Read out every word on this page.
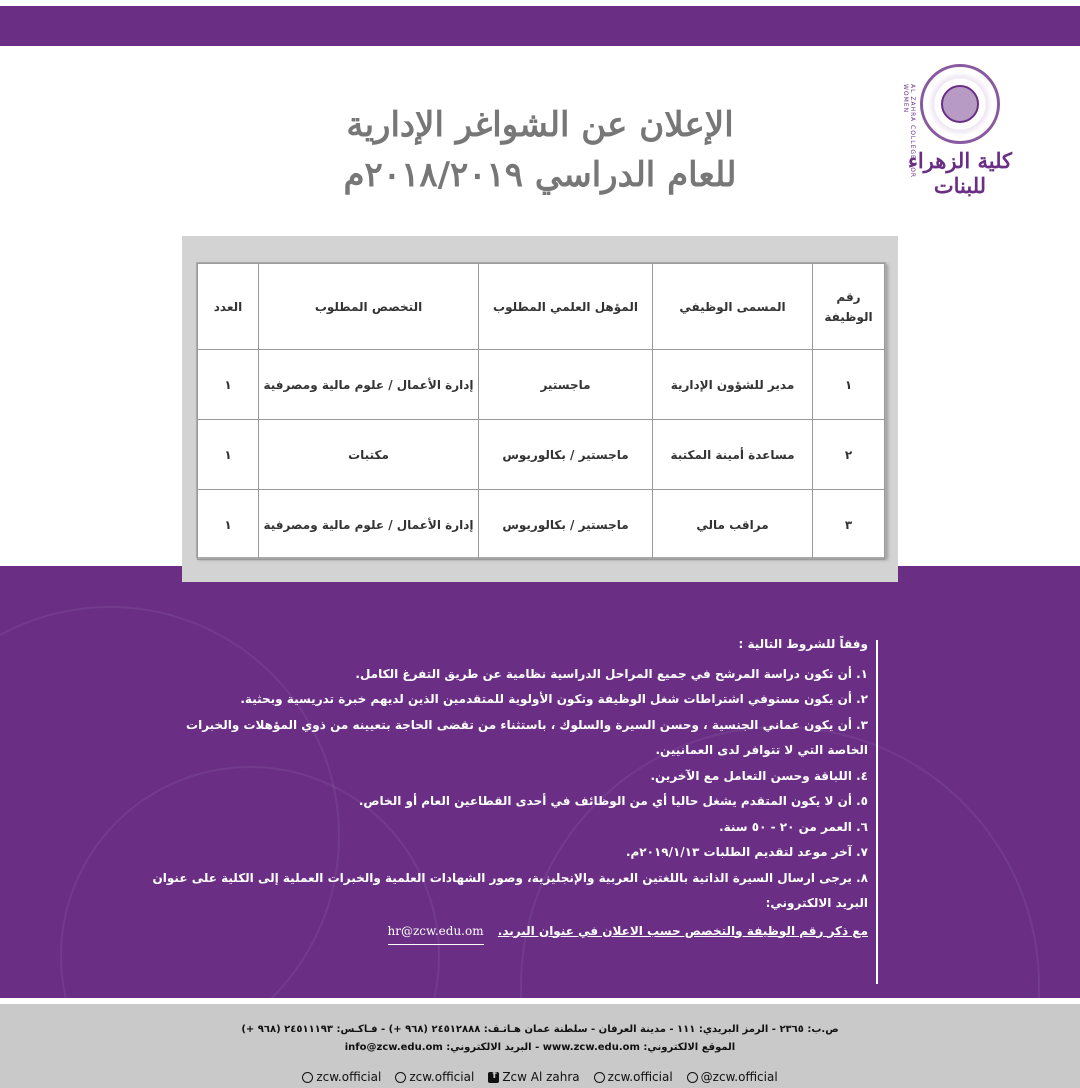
AL ZAHRA COLLEGE FOR WOMEN
كلية الزهراء للبنات
الإعلان عن الشواغر الإدارية
للعام الدراسي ٢٠١٨/٢٠١٩م
رقم الوظيفة	المسمى الوظيفي	المؤهل العلمي المطلوب	التخصص المطلوب	العدد
١	مدير للشؤون الإدارية	ماجستير	إدارة الأعمال / علوم مالية ومصرفية	١
٢	مساعدة أمينة المكتبة	ماجستير / بكالوريوس	مكتبات	١
٣	مراقب مالي	ماجستير / بكالوريوس	إدارة الأعمال / علوم مالية ومصرفية	١
وفقاً للشروط التالية :
١. أن تكون دراسة المرشح في جميع المراحل الدراسية نظامية عن طريق التفرغ الكامل.
٢. أن يكون مستوفي اشتراطات شغل الوظيفة وتكون الأولوية للمتقدمين الذين لديهم خبرة تدريسية وبحثية.
٣. أن يكون عماني الجنسية ، وحسن السيرة والسلوك ، باستثناء من تقضى الحاجة بتعيينه من ذوي المؤهلات والخبرات الخاصة التي لا تتوافر لدى العمانيين.
٤. اللباقة وحسن التعامل مع الآخرين.
٥. أن لا يكون المتقدم يشغل حاليا أي من الوظائف في أحدى القطاعين العام أو الخاص.
٦. العمر من ٢٠ - ٥٠ سنة.
٧. آخر موعد لتقديم الطلبات ٢٠١٩/١/١٣م.
٨. يرجى ارسال السيرة الذاتية باللغتين العربية والإنجليزية، وصور الشهادات العلمية والخبرات العملية إلى الكلية على عنوان البريد الالكتروني:
مع ذكر رقم الوظيفة والتخصص حسب الاعلان في عنوان البريد. hr@zcw.edu.om
ص.ب: ٢٣٦٥ - الرمز البريدي: ١١١ - مدينة العرفان - سلطنة عمان هـاتـف: ٢٤٥١٢٨٨٨ (٩٦٨ +) - فـاكـس: ٢٤٥١١١٩٣ (٩٦٨ +)
الموقع الالكتروني: www.zcw.edu.om - البريد الالكتروني: info@zcw.edu.om
zcw.official zcw.official f Zcw Al zahra zcw.official @zcw.official
